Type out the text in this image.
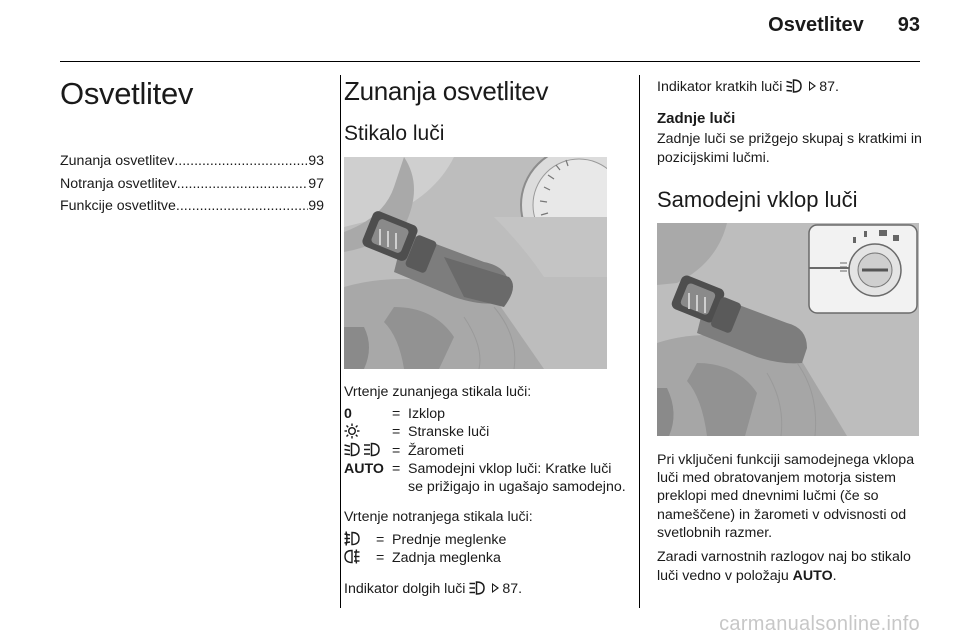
Osvetlitev 93
Osvetlitev
Zunanja osvetlitev .....	93
Notranja osvetlitev .....	97
Funkcije osvetlitve .....	99
Zunanja osvetlitev
Stikalo luči

Vrtenje zunanjega stikala luči:

0	= Izklop
= Stranske luči
= Žarometi
AUTO = Samodejni vklop luči: Kratke luči se prižigajo in ugašajo samodejno.

Vrtenje notranjega stikala luči:

= Prednje meglenke
= Zadnja meglenka

Indikator dolgih luči	87.

Indikator kratkih luči	87.

Zadnje luči

Zadnje luči se prižgejo skupaj s kratkimi in pozicijskimi lučmi.

Samodejni vklop luči

Pri vključeni funkciji samodejnega vklopa luči med obratovanjem motorja sistem preklopi med dnevnimi lučmi (če so nameščene) in žarometi v odvisnosti od svetlobnih razmer.

Zaradi varnostnih razlogov naj bo stikalo luči vedno v položaju AUTO.

carmanualsonline.info
